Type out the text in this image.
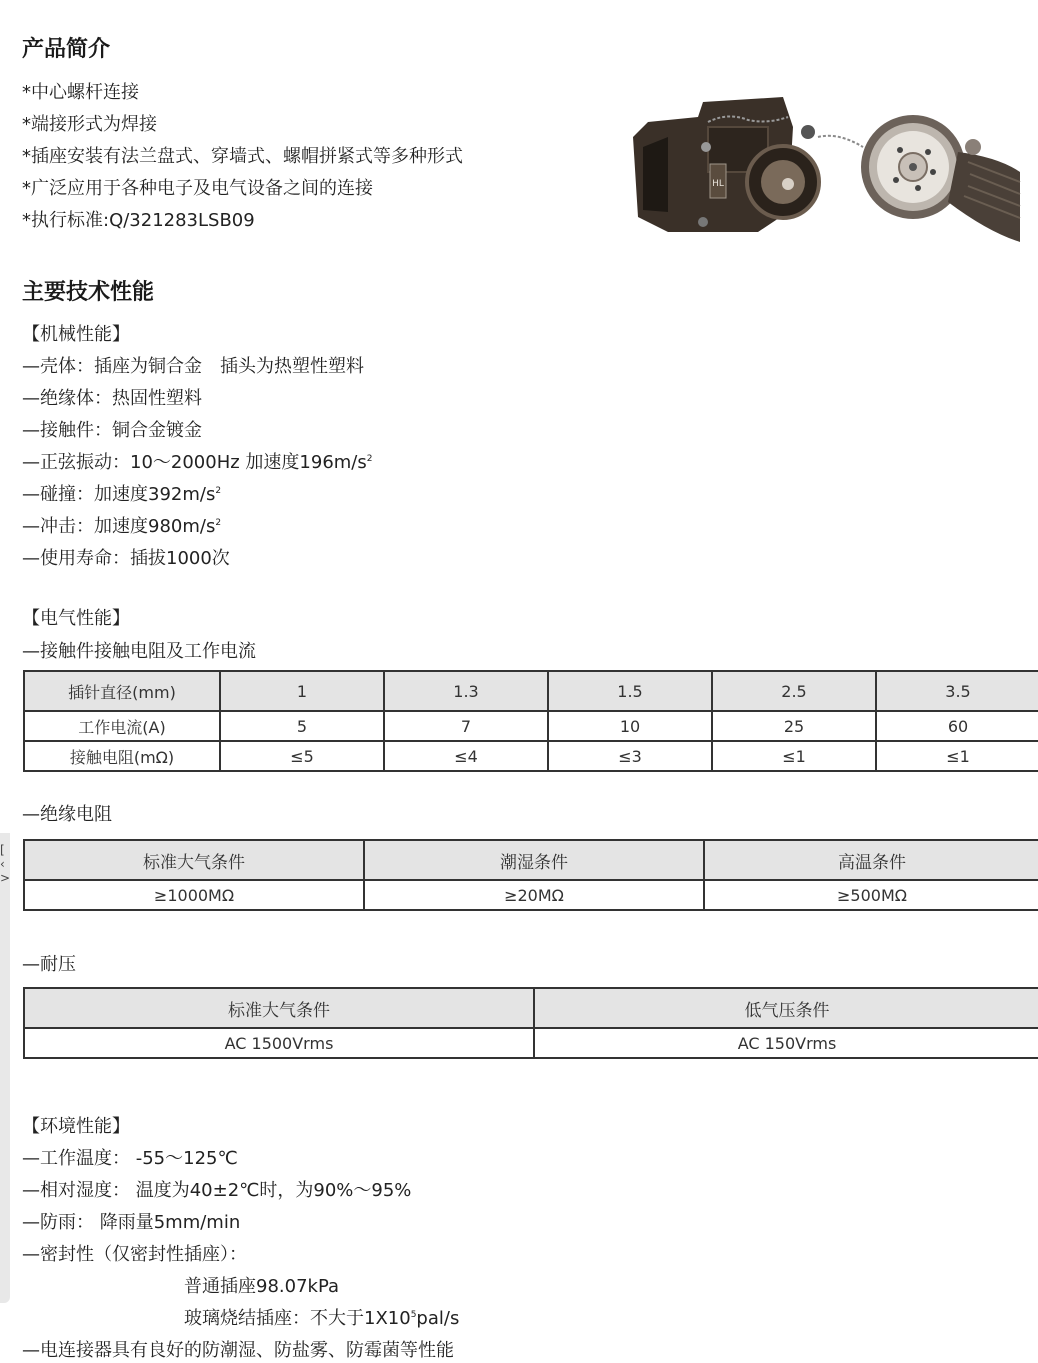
[
‹
>
产品简介
*中心螺杆连接
*端接形式为焊接
*插座安装有法兰盘式、穿墙式、螺帽拼紧式等多种形式
*广泛应用于各种电子及电气设备之间的连接
*执行标准:Q/321283LSB09
HL
主要技术性能
【机械性能】
—壳体：插座为铜合金　插头为热塑性塑料
—绝缘体：热固性塑料
—接触件：铜合金镀金
—正弦振动：10～2000Hz 加速度$196m/s^2$
—碰撞：加速度$392m/s^2$
—冲击：加速度$980m/s^2$
—使用寿命：插拔1000次
【电气性能】
—接触件接触电阻及工作电流
插针直径(mm)	1	1.3	1.5	2.5	3.5
工作电流(A)	5	7	10	25	60
接触电阻(mΩ)	≤5	≤4	≤3	≤1	≤1
—绝缘电阻
标准大气条件	潮湿条件	高温条件
≥1000MΩ	≥20MΩ	≥500MΩ
—耐压
标准大气条件	低气压条件
AC 1500Vrms	AC 150Vrms
【环境性能】
—工作温度： -55～125℃
—相对湿度： 温度为40±2℃时，为90%～95%
—防雨： 降雨量5mm/min
—密封性（仅密封性插座）：
普通插座98.07kPa
玻璃烧结插座：不大于$1X10^5pal/s$
—电连接器具有良好的防潮湿、防盐雾、防霉菌等性能
